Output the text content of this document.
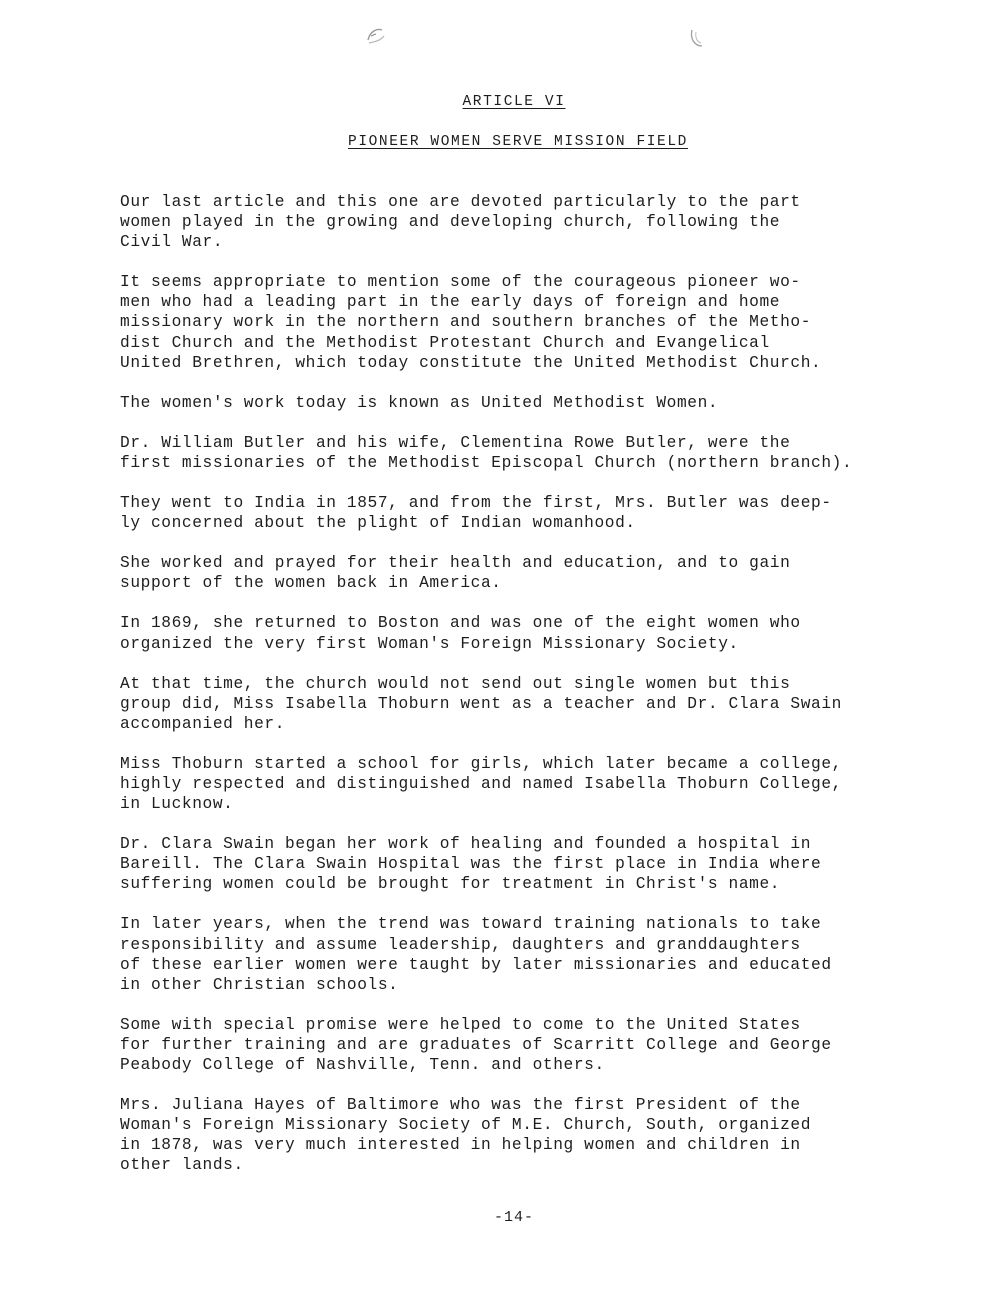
ARTICLE VI
PIONEER WOMEN SERVE MISSION FIELD
Our last article and this one are devoted particularly to the part
women played in the growing and developing church, following the
Civil War.
It seems appropriate to mention some of the courageous pioneer wo-
men who had a leading part in the early days of foreign and home
missionary work in the northern and southern branches of the Metho-
dist Church and the Methodist Protestant Church and Evangelical
United Brethren, which today constitute the United Methodist Church.
The women's work today is known as United Methodist Women.
Dr. William Butler and his wife, Clementina Rowe Butler, were the
first missionaries of the Methodist Episcopal Church (northern branch).
They went to India in 1857, and from the first, Mrs. Butler was deep-
ly concerned about the plight of Indian womanhood.
She worked and prayed for their health and education, and to gain
support of the women back in America.
In 1869, she returned to Boston and was one of the eight women who
organized the very first Woman's Foreign Missionary Society.
At that time, the church would not send out single women but this
group did, Miss Isabella Thoburn went as a teacher and Dr. Clara Swain
accompanied her.
Miss Thoburn started a school for girls, which later became a college,
highly respected and distinguished and named Isabella Thoburn College,
in Lucknow.
Dr. Clara Swain began her work of healing and founded a hospital in
Bareill. The Clara Swain Hospital was the first place in India where
suffering women could be brought for treatment in Christ's name.
In later years, when the trend was toward training nationals to take
responsibility and assume leadership, daughters and granddaughters
of these earlier women were taught by later missionaries and educated
in other Christian schools.
Some with special promise were helped to come to the United States
for further training and are graduates of Scarritt College and George
Peabody College of Nashville, Tenn. and others.
Mrs. Juliana Hayes of Baltimore who was the first President of the
Woman's Foreign Missionary Society of M.E. Church, South, organized
in 1878, was very much interested in helping women and children in
other lands.
-14-
